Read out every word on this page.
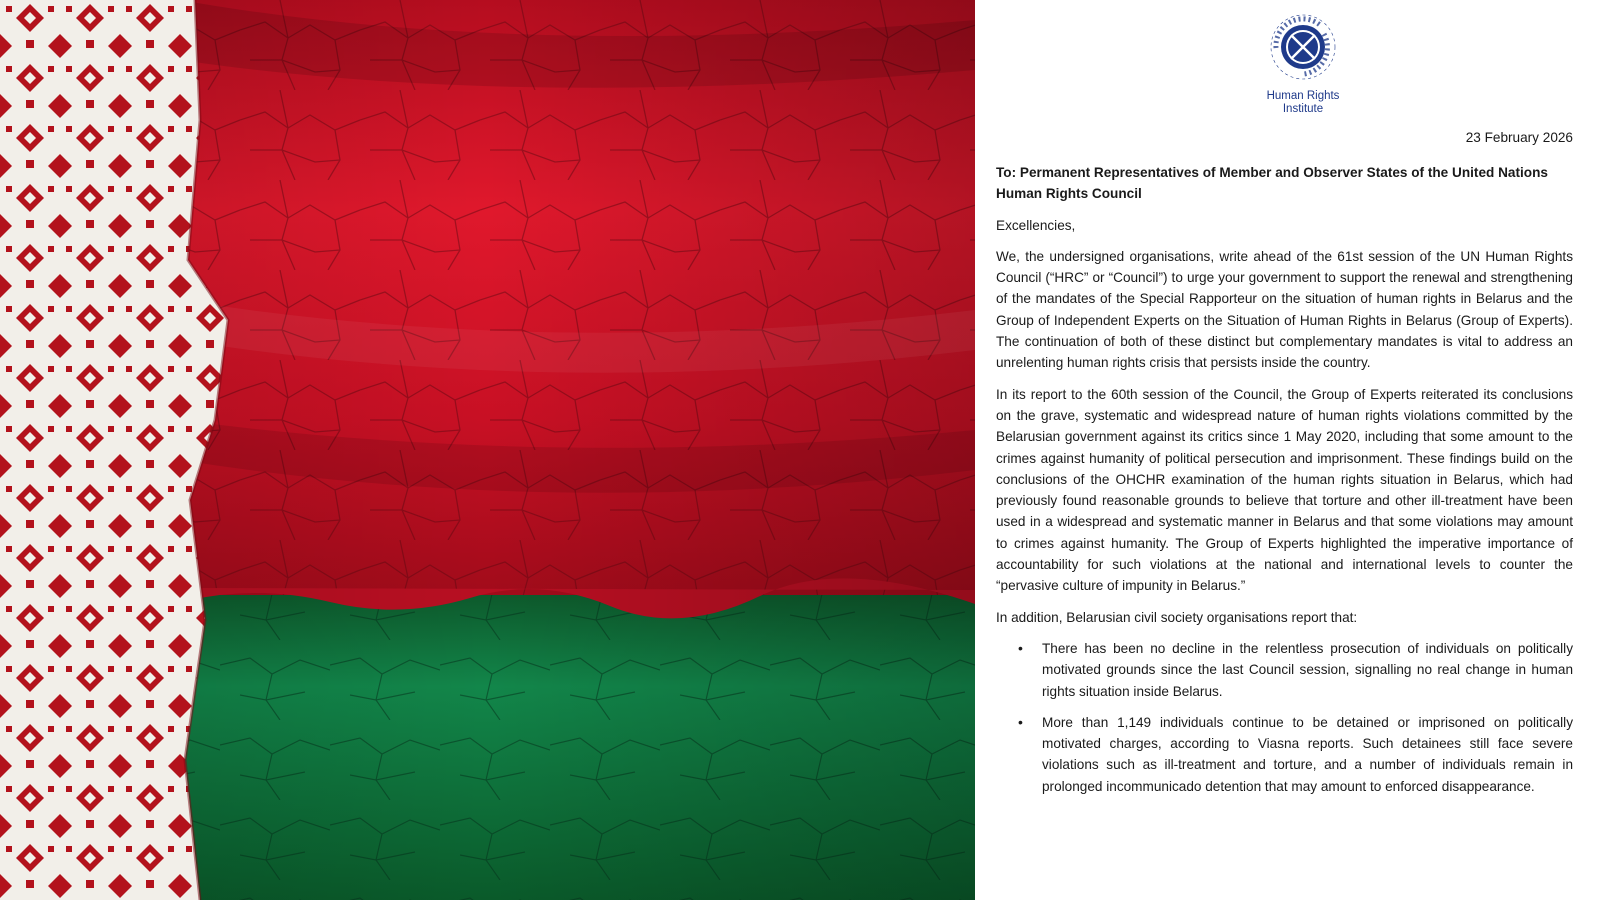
Human Rights
Institute
23 February 2026

To: Permanent Representatives of Member and Observer States of the United Nations Human Rights Council

Excellencies,

We, the undersigned organisations, write ahead of the 61st session of the UN Human Rights Council (“HRC” or “Council”) to urge your government to support the renewal and strengthening of the mandates of the Special Rapporteur on the situation of human rights in Belarus and the Group of Independent Experts on the Situation of Human Rights in Belarus (Group of Experts). The continuation of both of these distinct but complementary mandates is vital to address an unrelenting human rights crisis that persists inside the country.

In its report to the 60th session of the Council, the Group of Experts reiterated its conclusions on the grave, systematic and widespread nature of human rights violations committed by the Belarusian government against its critics since 1 May 2020, including that some amount to the crimes against humanity of political persecution and imprisonment. These findings build on the conclusions of the OHCHR examination of the human rights situation in Belarus, which had previously found reasonable grounds to believe that torture and other ill-treatment have been used in a widespread and systematic manner in Belarus and that some violations may amount to crimes against humanity. The Group of Experts highlighted the imperative importance of accountability for such violations at the national and international levels to counter the “pervasive culture of impunity in Belarus.”

In addition, Belarusian civil society organisations report that:

• There has been no decline in the relentless prosecution of individuals on politically motivated grounds since the last Council session, signalling no real change in human rights situation inside Belarus.
• More than 1,149 individuals continue to be detained or imprisoned on politically motivated charges, according to Viasna reports. Such detainees still face severe violations such as ill-treatment and torture, and a number of individuals remain in prolonged incommunicado detention that may amount to enforced disappearance.
